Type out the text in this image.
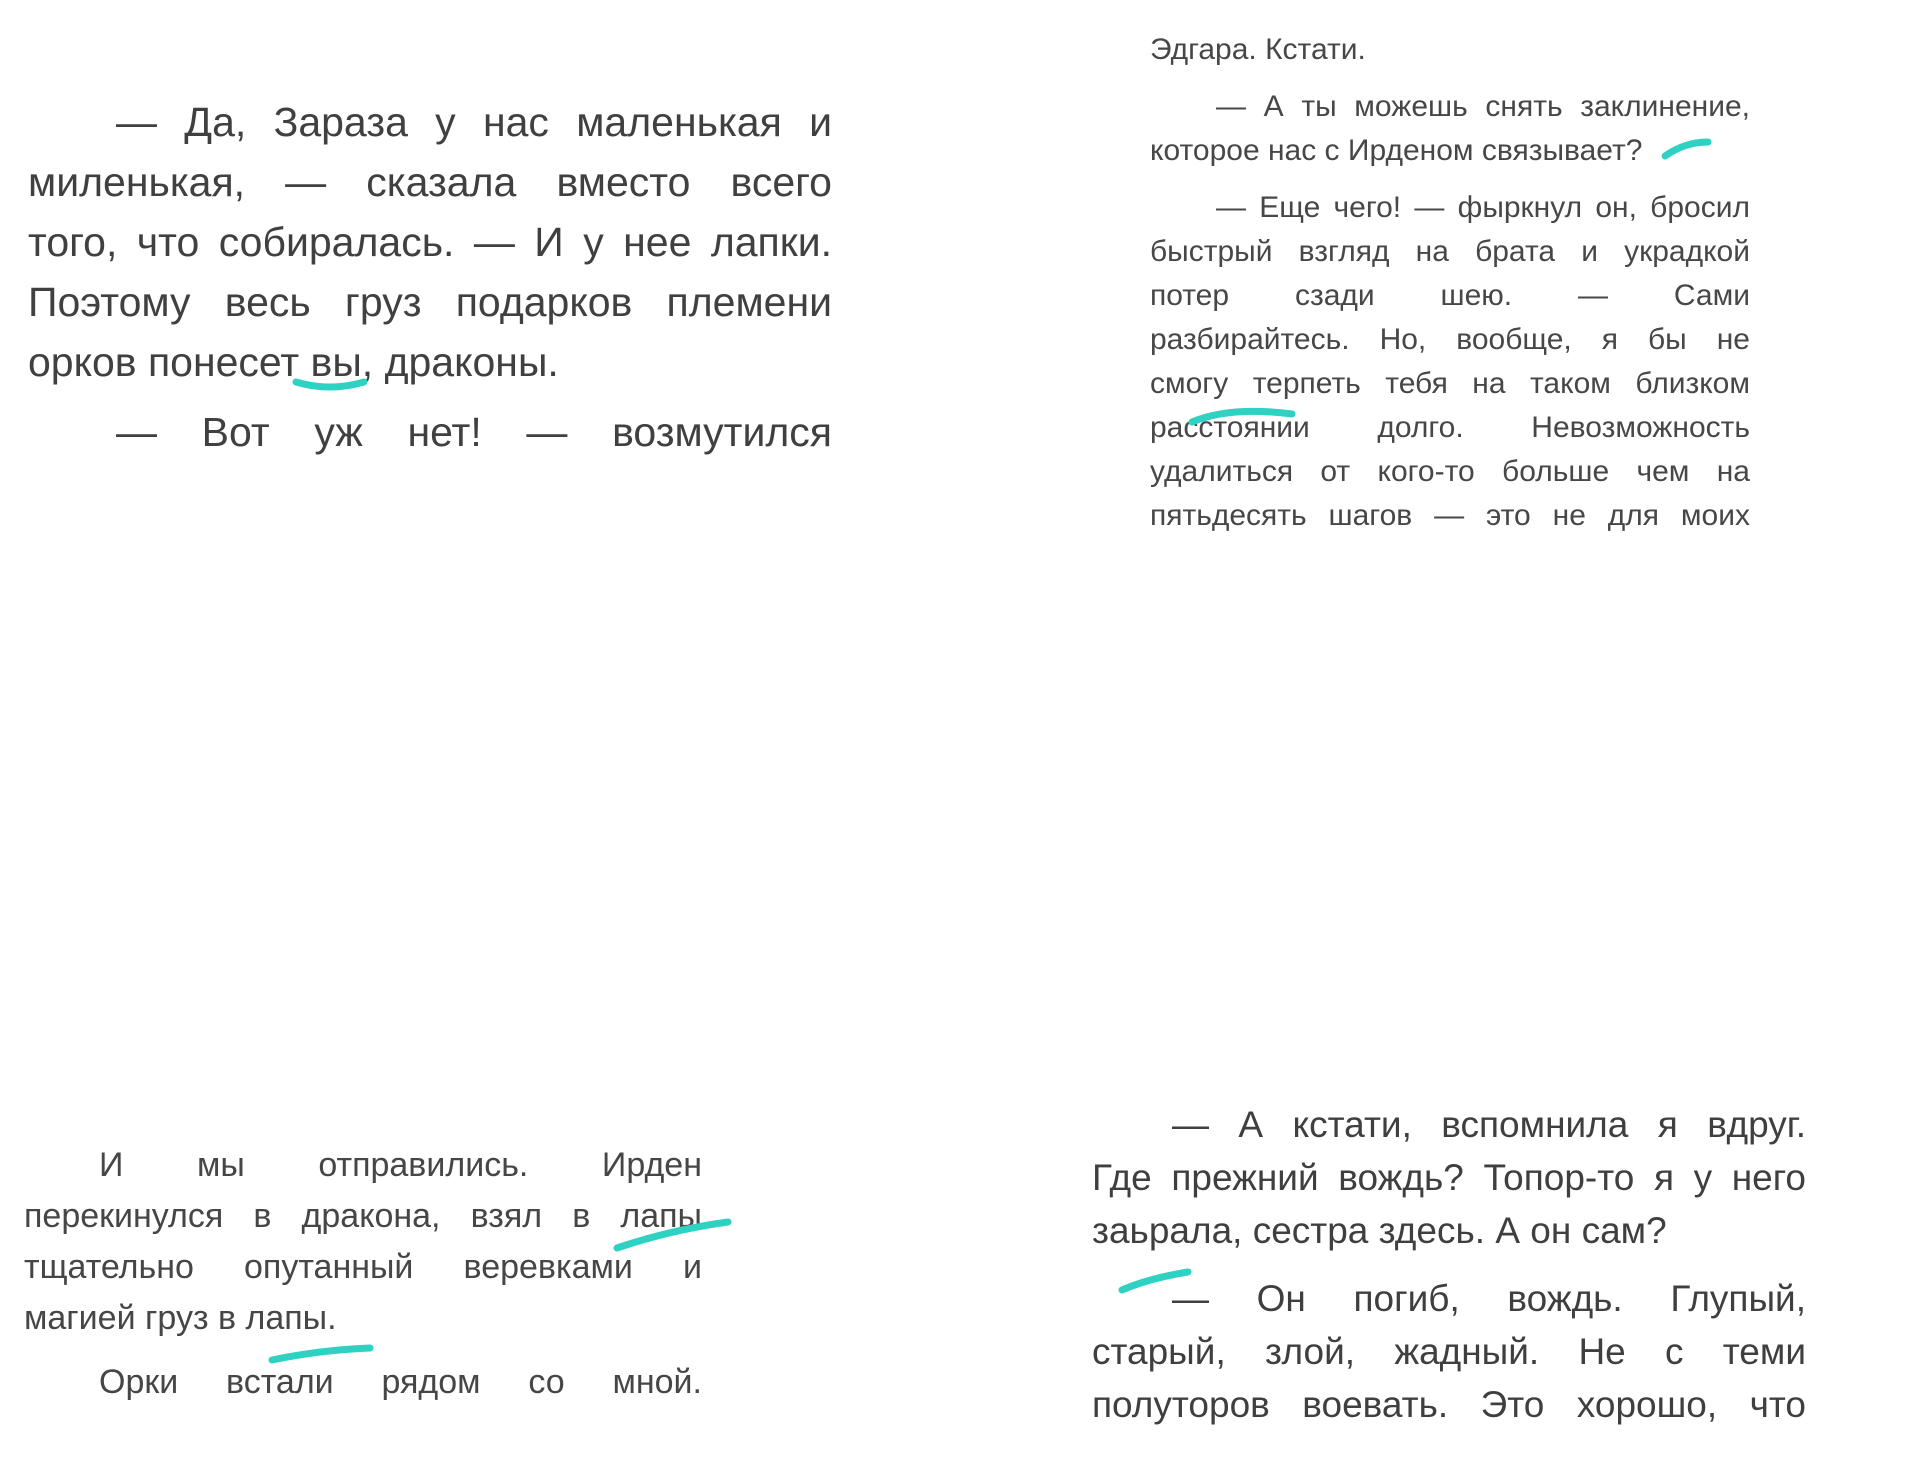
— Да, Зараза у нас маленькая и

миленькая, — сказала вместо всего

того, что собиралась. — И у нее лапки.

Поэтому весь груз подарков племени

орков понесет вы, драконы.

— Вот уж нет! — возмутился

Эдгара. Кстати.

— А ты можешь снять заклинение,

которое нас с Ирденом связывает?

— Еще чего! — фыркнул он, бросил

быстрый взгляд на брата и украдкой

потер сзади шею. — Сами

разбирайтесь. Но, вообще, я бы не

смогу терпеть тебя на таком близком

расстоянии долго. Невозможность

удалиться от кого-то больше чем на

пятьдесять шагов — это не для моих

И мы отправились. Ирден

перекинулся в дракона, взял в лапы

тщательно опутанный веревками и

магией груз в лапы.

Орки встали рядом со мной.

— А кстати, вспомнила я вдруг.

Где прежний вождь? Топор-то я у него

заьрала, сестра здесь. А он сам?

— Он погиб, вождь. Глупый,

старый, злой, жадный. Не с теми

полуторов воевать. Это хорошо, что
